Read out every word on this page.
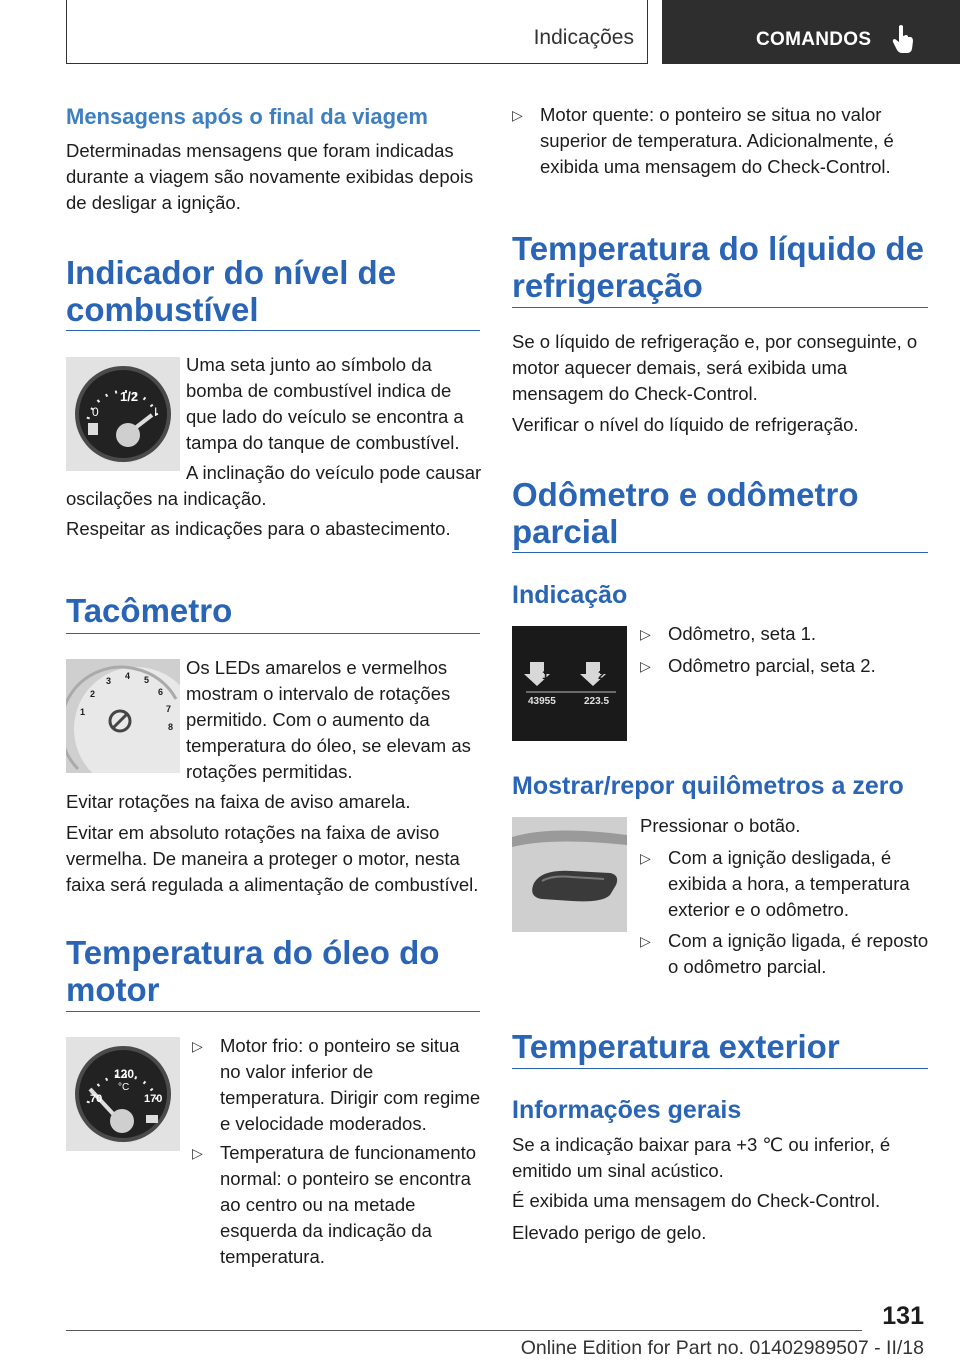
Indicações	COMANDOS
Mensagens após o final da viagem
Determinadas mensagens que foram indicadas durante a viagem são novamente exibidas depois de desligar a ignição.
Indicador do nível de
combustível
1/2
0	I
Uma seta junto ao símbolo da bomba de combustível indica de que lado do veículo se encontra a tampa do tanque de combustível.
A inclinação do veículo pode causar oscilações na indicação.
Respeitar as indicações para o abastecimento.
Tacômetro
1
2
3 4 5
6
7
8
Os LEDs amarelos e vermelhos mostram o intervalo de rotações permitido. Com o aumento da temperatura do óleo, se elevam as rotações permitidas.
Evitar rotações na faixa de aviso amarela.
Evitar em absoluto rotações na faixa de aviso vermelha. De maneira a proteger o motor, nesta faixa será regulada a alimentação de combustível.
Temperatura do óleo do
motor
120
°C
70	170
▷ Motor frio: o ponteiro se situa no valor inferior de temperatura. Dirigir com regime e velocidade moderados.
▷ Temperatura de funcionamento normal: o ponteiro se encontra ao centro ou na metade esquerda da indicação da temperatura.
▷ Motor quente: o ponteiro se situa no valor superior de temperatura. Adicionalmente, é exibida uma mensagem do Check-Control.
Temperatura do líquido de
refrigeração
Se o líquido de refrigeração e, por conseguinte, o motor aquecer demais, será exibida uma mensagem do Check-Control.
Verificar o nível do líquido de refrigeração.
Odômetro e odômetro
parcial
Indicação
1	2
43955	223.5
▷ Odômetro, seta 1.
▷ Odômetro parcial, seta 2.
Mostrar/repor quilômetros a zero
Pressionar o botão.
▷ Com a ignição desligada, é exibida a hora, a temperatura exterior e o odômetro.
▷ Com a ignição ligada, é reposto o odômetro parcial.
Temperatura exterior
Informações gerais
Se a indicação baixar para +3 ℃ ou inferior, é emitido um sinal acústico.
É exibida uma mensagem do Check-Control.
Elevado perigo de gelo.
131
Online Edition for Part no. 01402989507 - II/18
